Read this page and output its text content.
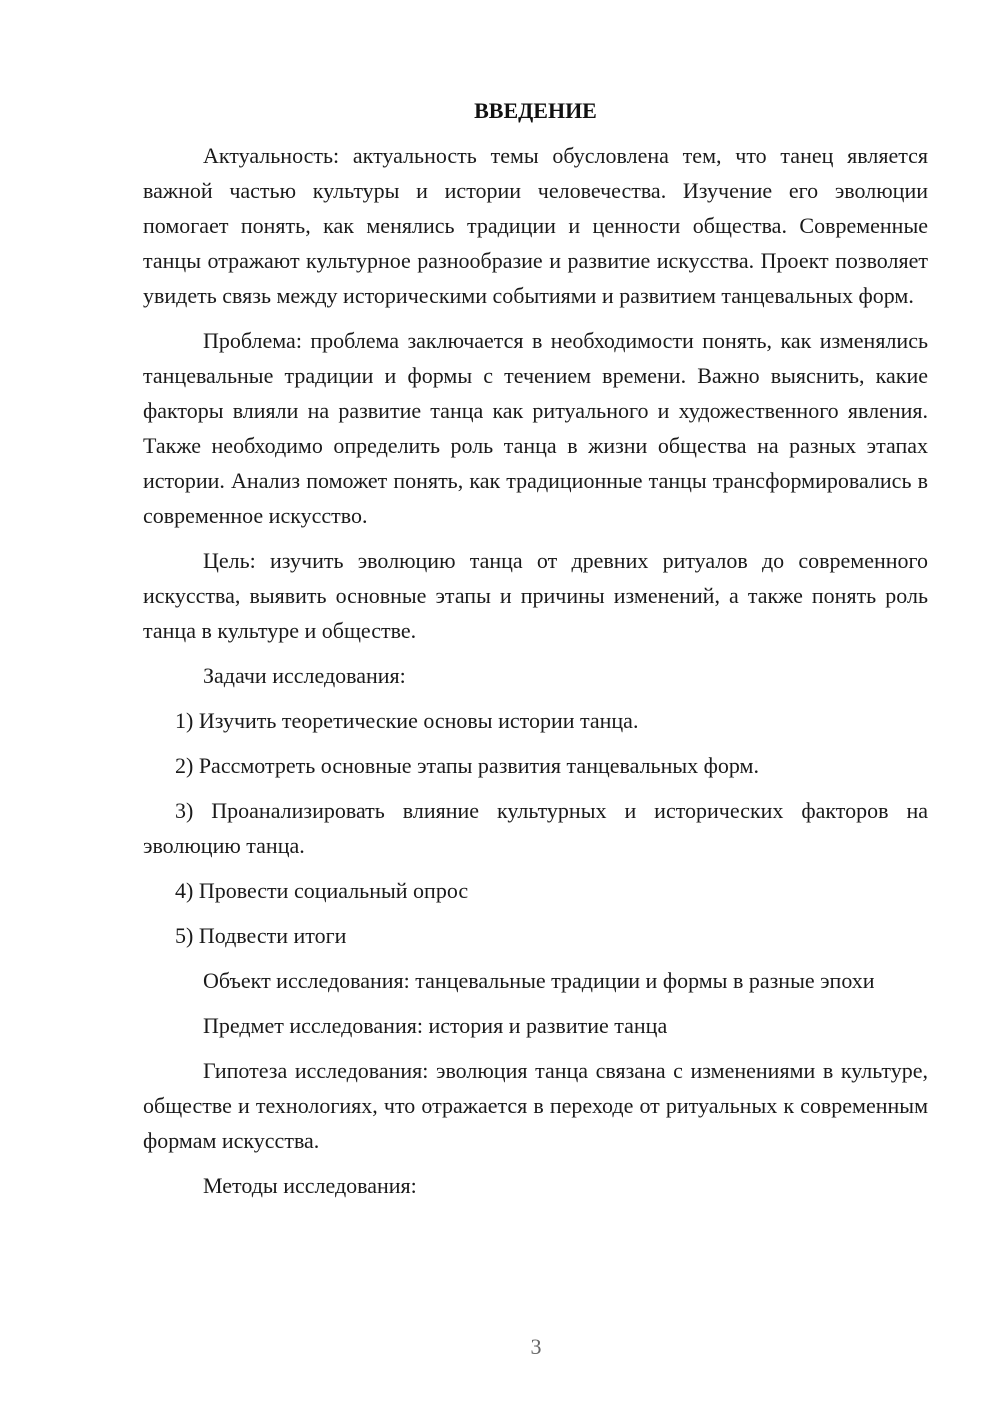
ВВЕДЕНИЕ

Актуальность: актуальность темы обусловлена тем, что танец является важной частью культуры и истории человечества. Изучение его эволюции помогает понять, как менялись традиции и ценности общества. Современные танцы отражают культурное разнообразие и развитие искусства. Проект позволяет увидеть связь между историческими событиями и развитием танцевальных форм.

Проблема: проблема заключается в необходимости понять, как изменялись танцевальные традиции и формы с течением времени. Важно выяснить, какие факторы влияли на развитие танца как ритуального и художественного явления. Также необходимо определить роль танца в жизни общества на разных этапах истории. Анализ поможет понять, как традиционные танцы трансформировались в современное искусство.

Цель: изучить эволюцию танца от древних ритуалов до современного искусства, выявить основные этапы и причины изменений, а также понять роль танца в культуре и обществе.

Задачи исследования:

1) Изучить теоретические основы истории танца.

2) Рассмотреть основные этапы развития танцевальных форм.

3) Проанализировать влияние культурных и исторических факторов на эволюцию танца.

4) Провести социальный опрос

5) Подвести итоги

Объект исследования: танцевальные традиции и формы в разные эпохи

Предмет исследования: история и развитие танца

Гипотеза исследования: эволюция танца связана с изменениями в культуре, обществе и технологиях, что отражается в переходе от ритуальных к современным формам искусства.

Методы исследования:

3
